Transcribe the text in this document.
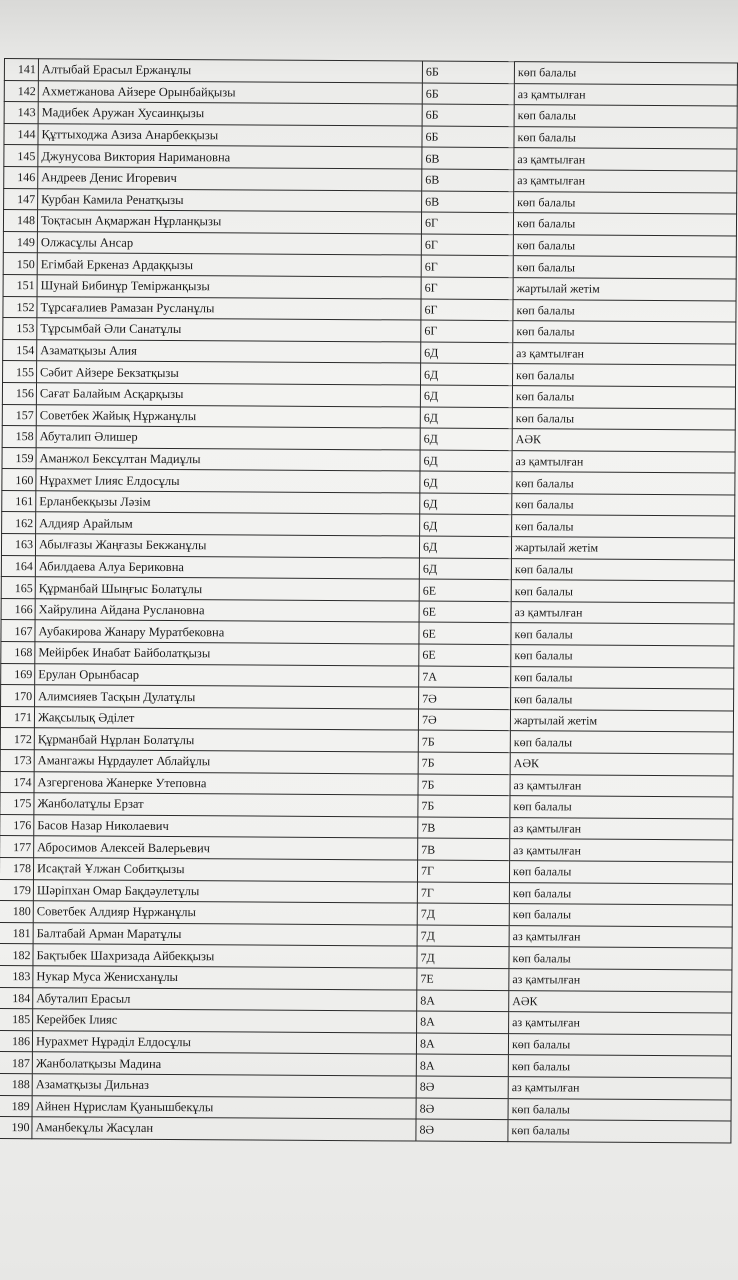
141	Алтыбай Ерасыл Ержанұлы	6Б	көп балалы
142	Ахметжанова Айзере Орынбайқызы	6Б	аз қамтылған
143	Мадибек Аружан Хусаинқызы	6Б	көп балалы
144	Құттыходжа Азиза Анарбекқызы	6Б	көп балалы
145	Джунусова Виктория Наримановна	6В	аз қамтылған
146	Андреев Денис Игоревич	6В	аз қамтылған
147	Курбан Камила Ренатқызы	6В	көп балалы
148	Тоқтасын Ақмаржан Нұрланқызы	6Г	көп балалы
149	Олжасұлы Ансар	6Г	көп балалы
150	Егімбай Еркеназ Ардаққызы	6Г	көп балалы
151	Шунай Бибинұр Теміржанқызы	6Г	жартылай жетім
152	Тұрсағалиев Рамазан Русланұлы	6Г	көп балалы
153	Тұрсымбай Әли Санатұлы	6Г	көп балалы
154	Азаматқызы Алия	6Д	аз қамтылған
155	Сәбит Айзере Бекзатқызы	6Д	көп балалы
156	Сағат Балайым Асқарқызы	6Д	көп балалы
157	Советбек Жайық Нұржанұлы	6Д	көп балалы
158	Абуталип Әлишер	6Д	АӘК
159	Аманжол Бексұлтан Мадиұлы	6Д	аз қамтылған
160	Нұрахмет Ілияс Елдосұлы	6Д	көп балалы
161	Ерланбекқызы Ләзім	6Д	көп балалы
162	Алдияр Арайлым	6Д	көп балалы
163	Абылғазы Жаңғазы Бекжанұлы	6Д	жартылай жетім
164	Абилдаева Алуа Бериковна	6Д	көп балалы
165	Құрманбай Шыңғыс Болатұлы	6Е	көп балалы
166	Хайрулина Айдана Руслановна	6Е	аз қамтылған
167	Аубакирова Жанару Муратбековна	6Е	көп балалы
168	Мейірбек Инабат Байболатқызы	6Е	көп балалы
169	Ерулан Орынбасар	7А	көп балалы
170	Алимсияев Тасқын Дулатұлы	7Ә	көп балалы
171	Жақсылық Әділет	7Ә	жартылай жетім
172	Құрманбай Нұрлан Болатұлы	7Б	көп балалы
173	Амангажы Нұрдаулет Аблайұлы	7Б	АӘК
174	Азгергенова Жанерке Утеповна	7Б	аз қамтылған
175	Жанболатұлы Ерзат	7Б	көп балалы
176	Басов Назар Николаевич	7В	аз қамтылған
177	Абросимов Алексей Валерьевич	7В	аз қамтылған
178	Исақтай Ұлжан Собитқызы	7Г	көп балалы
179	Шәріпхан Омар Бақдәулетұлы	7Г	көп балалы
180	Советбек Алдияр Нұржанұлы	7Д	көп балалы
181	Балтабай Арман Маратұлы	7Д	аз қамтылған
182	Бақтыбек Шахризада Айбекқызы	7Д	көп балалы
183	Нукар Муса Женисханұлы	7Е	аз қамтылған
184	Абуталип Ерасыл	8А	АӘК
185	Керейбек Ілияс	8А	аз қамтылған
186	Нурахмет Нұрәділ Елдосұлы	8А	көп балалы
187	Жанболатқызы Мадина	8А	көп балалы
188	Азаматқызы Дильназ	8Ә	аз қамтылған
189	Айнен Нұрислам Қуанышбекұлы	8Ә	көп балалы
190	Аманбекұлы Жасұлан	8Ә	көп балалы
